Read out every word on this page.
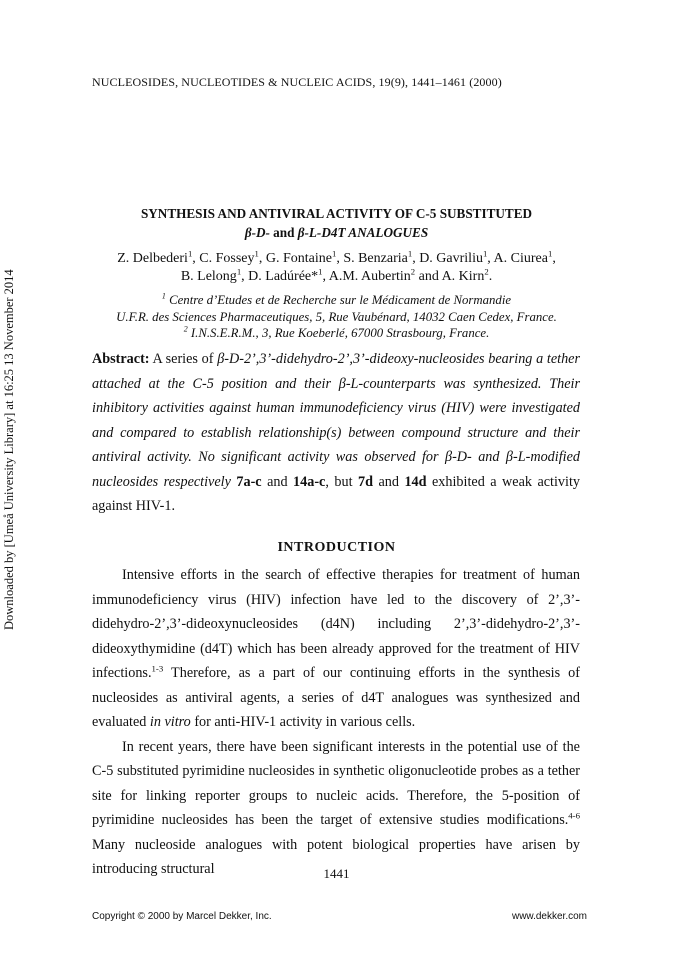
NUCLEOSIDES, NUCLEOTIDES & NUCLEIC ACIDS, 19(9), 1441–1461 (2000)
Downloaded by [Umeå University Library] at 16:25 13 November 2014
SYNTHESIS AND ANTIVIRAL ACTIVITY OF C-5 SUBSTITUTED
β-D- and β-L-D4T ANALOGUES
Z. Delbederi$^1$, C. Fossey$^1$, G. Fontaine$^1$, S. Benzaria$^1$, D. Gavriliu$^1$, A. Ciurea$^1$,
B. Lelong$^1$, D. Ladúrée*$^1$, A.M. Aubertin$^2$ and A. Kirn$^2$.
$^1$ Centre d’Etudes et de Recherche sur le Médicament de Normandie
U.F.R. des Sciences Pharmaceutiques, 5, Rue Vaubénard, 14032 Caen Cedex, France.
$^2$ I.N.S.E.R.M., 3, Rue Koeberlé, 67000 Strasbourg, France.

Abstract: A series of β-D-2’,3’-didehydro-2’,3’-dideoxy-nucleosides bearing a tether attached at the C-5 position and their β-L-counterparts was synthesized. Their inhibitory activities against human immunodeficiency virus (HIV) were investigated and compared to establish relationship(s) between compound structure and their antiviral activity. No significant activity was observed for β-D- and β-L-modified nucleosides respectively 7a-c and 14a-c, but 7d and 14d exhibited a weak activity against HIV-1.

INTRODUCTION

Intensive efforts in the search of effective therapies for treatment of human immunodeficiency virus (HIV) infection have led to the discovery of 2’,3’-didehydro-2’,3’-dideoxynucleosides (d4N) including 2’,3’-didehydro-2’,3’-dideoxythymidine (d4T) which has been already approved for the treatment of HIV infections.$^{1-3}$ Therefore, as a part of our continuing efforts in the synthesis of nucleosides as antiviral agents, a series of d4T analogues was synthesized and evaluated in vitro for anti-HIV-1 activity in various cells.

In recent years, there have been significant interests in the potential use of the C-5 substituted pyrimidine nucleosides in synthetic oligonucleotide probes as a tether site for linking reporter groups to nucleic acids. Therefore, the 5-position of pyrimidine nucleosides has been the target of extensive studies modifications.$^{4-6}$ Many nucleoside analogues with potent biological properties have arisen by introducing structural	1441
Copyright © 2000 by Marcel Dekker, Inc.	www.dekker.com
